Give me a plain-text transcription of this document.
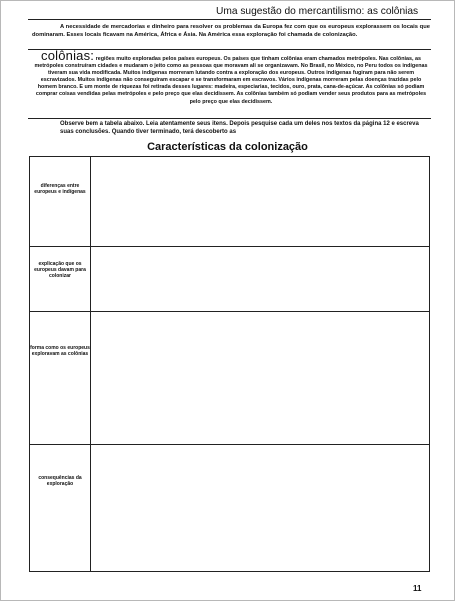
Uma sugestão do mercantilismo: as colônias
A necessidade de mercadorias e dinheiro para resolver os problemas da Europa fez com que os europeus explorassem os locais que dominaram. Esses locais ficavam na América, África e Ásia. Na América essa exploração foi chamada de colonização.
colônias: regiões muito exploradas pelos países europeus. Os países que tinham colônias eram chamados metrópoles. Nas colônias, as metrópoles construíram cidades e mudaram o jeito como as pessoas que moravam ali se organizavam. No Brasil, no México, no Peru todos os indígenas tiveram sua vida modificada. Muitos indígenas morreram lutando contra a exploração dos europeus. Outros indígenas fugiram para não serem escravizados. Muitos indígenas não conseguiram escapar e se transformaram em escravos. Vários indígenas morreram pelas doenças trazidas pelo homem branco. E um monte de riquezas foi retirada desses lugares: madeira, especiarias, tecidos, ouro, prata, cana-de-açúcar. As colônias só podiam comprar coisas vendidas pelas metrópoles e pelo preço que elas decidissem. As colônias também só podiam vender seus produtos para as metrópoles pelo preço que elas decidissem.
Observe bem a tabela abaixo. Leia atentamente seus itens. Depois pesquise cada um deles nos textos da página 12 e escreva suas conclusões. Quando tiver terminado, terá descoberto as
Características da colonização
diferenças entre europeus e indígenas
explicação que os europeus davam para colonizar
forma como os europeus exploravam as colônias
consequências da exploração
11
